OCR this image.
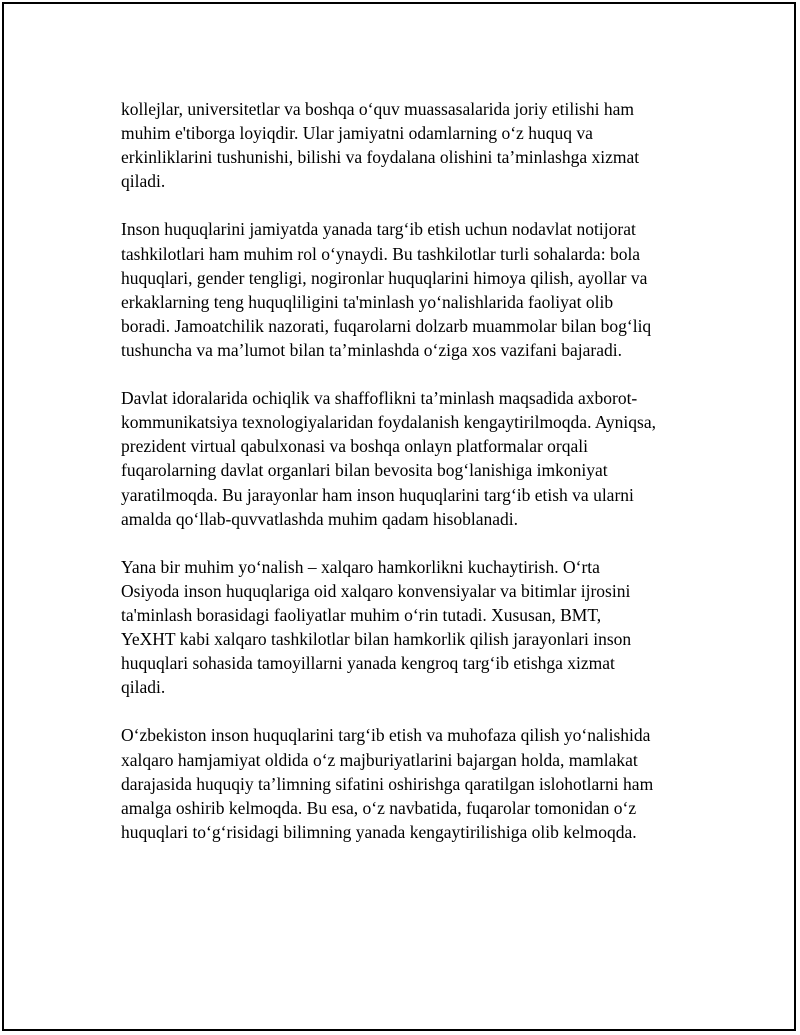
kollejlar, universitetlar va boshqa o‘quv muassasalarida joriy etilishi ham
muhim e'tiborga loyiqdir. Ular jamiyatni odamlarning o‘z huquq va
erkinliklarini tushunishi, bilishi va foydalana olishini ta’minlashga xizmat
qiladi.

Inson huquqlarini jamiyatda yanada targ‘ib etish uchun nodavlat notijorat
tashkilotlari ham muhim rol o‘ynaydi. Bu tashkilotlar turli sohalarda: bola
huquqlari, gender tengligi, nogironlar huquqlarini himoya qilish, ayollar va
erkaklarning teng huquqliligini ta'minlash yo‘nalishlarida faoliyat olib
boradi. Jamoatchilik nazorati, fuqarolarni dolzarb muammolar bilan bog‘liq
tushuncha va ma’lumot bilan ta’minlashda o‘ziga xos vazifani bajaradi.

Davlat idoralarida ochiqlik va shaffoflikni ta’minlash maqsadida axborot-
kommunikatsiya texnologiyalaridan foydalanish kengaytirilmoqda. Ayniqsa,
prezident virtual qabulxonasi va boshqa onlayn platformalar orqali
fuqarolarning davlat organlari bilan bevosita bog‘lanishiga imkoniyat
yaratilmoqda. Bu jarayonlar ham inson huquqlarini targ‘ib etish va ularni
amalda qo‘llab-quvvatlashda muhim qadam hisoblanadi.

Yana bir muhim yo‘nalish – xalqaro hamkorlikni kuchaytirish. O‘rta
Osiyoda inson huquqlariga oid xalqaro konvensiyalar va bitimlar ijrosini
ta'minlash borasidagi faoliyatlar muhim o‘rin tutadi. Xususan, BMT,
YeXHT kabi xalqaro tashkilotlar bilan hamkorlik qilish jarayonlari inson
huquqlari sohasida tamoyillarni yanada kengroq targ‘ib etishga xizmat
qiladi.

O‘zbekiston inson huquqlarini targ‘ib etish va muhofaza qilish yo‘nalishida
xalqaro hamjamiyat oldida o‘z majburiyatlarini bajargan holda, mamlakat
darajasida huquqiy ta’limning sifatini oshirishga qaratilgan islohotlarni ham
amalga oshirib kelmoqda. Bu esa, o‘z navbatida, fuqarolar tomonidan o‘z
huquqlari to‘g‘risidagi bilimning yanada kengaytirilishiga olib kelmoqda.
